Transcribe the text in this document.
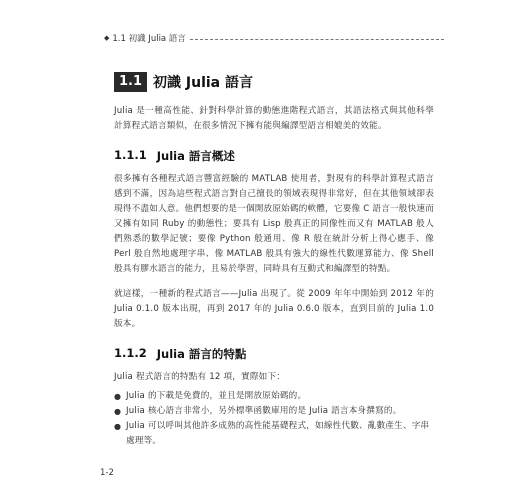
◆ 1.1 初識 Julia 語言
1.1 初識 Julia 語言

Julia 是一種高性能、針對科學計算的動態進階程式語言，其語法格式與其他科學計算程式語言類似，在很多情況下擁有能與編譯型語言相媲美的效能。

1.1.1 Julia 語言概述

很多擁有各種程式語言豐富經驗的 MATLAB 使用者，對現有的科學計算程式語言感到不滿，因為這些程式語言對自己擅長的領域表現得非常好，但在其他領域卻表現得不盡如人意。他們想要的是一個開放原始碼的軟體，它要像 C 語言一般快速而又擁有如同 Ruby 的動態性；要具有 Lisp 般真正的同像性而又有 MATLAB 般人們熟悉的數學記號；要像 Python 般通用、像 R 般在統計分析上得心應手、像 Perl 般自然地處理字串、像 MATLAB 般具有強大的線性代數運算能力、像 Shell 般具有膠水語言的能力，且易於學習，同時具有互動式和編譯型的特點。

就這樣，一種新的程式語言——Julia 出現了。從 2009 年年中開始到 2012 年的 Julia 0.1.0 版本出現，再到 2017 年的 Julia 0.6.0 版本，直到目前的 Julia 1.0 版本。

1.1.2 Julia 語言的特點

Julia 程式語言的特點有 12 項，實際如下：

● Julia 的下載是免費的，並且是開放原始碼的。
● Julia 核心語言非常小，另外標準函數庫用的是 Julia 語言本身撰寫的。
● Julia 可以呼叫其他許多成熟的高性能基礎程式，如線性代數、亂數產生、字串處理等。
1-2
